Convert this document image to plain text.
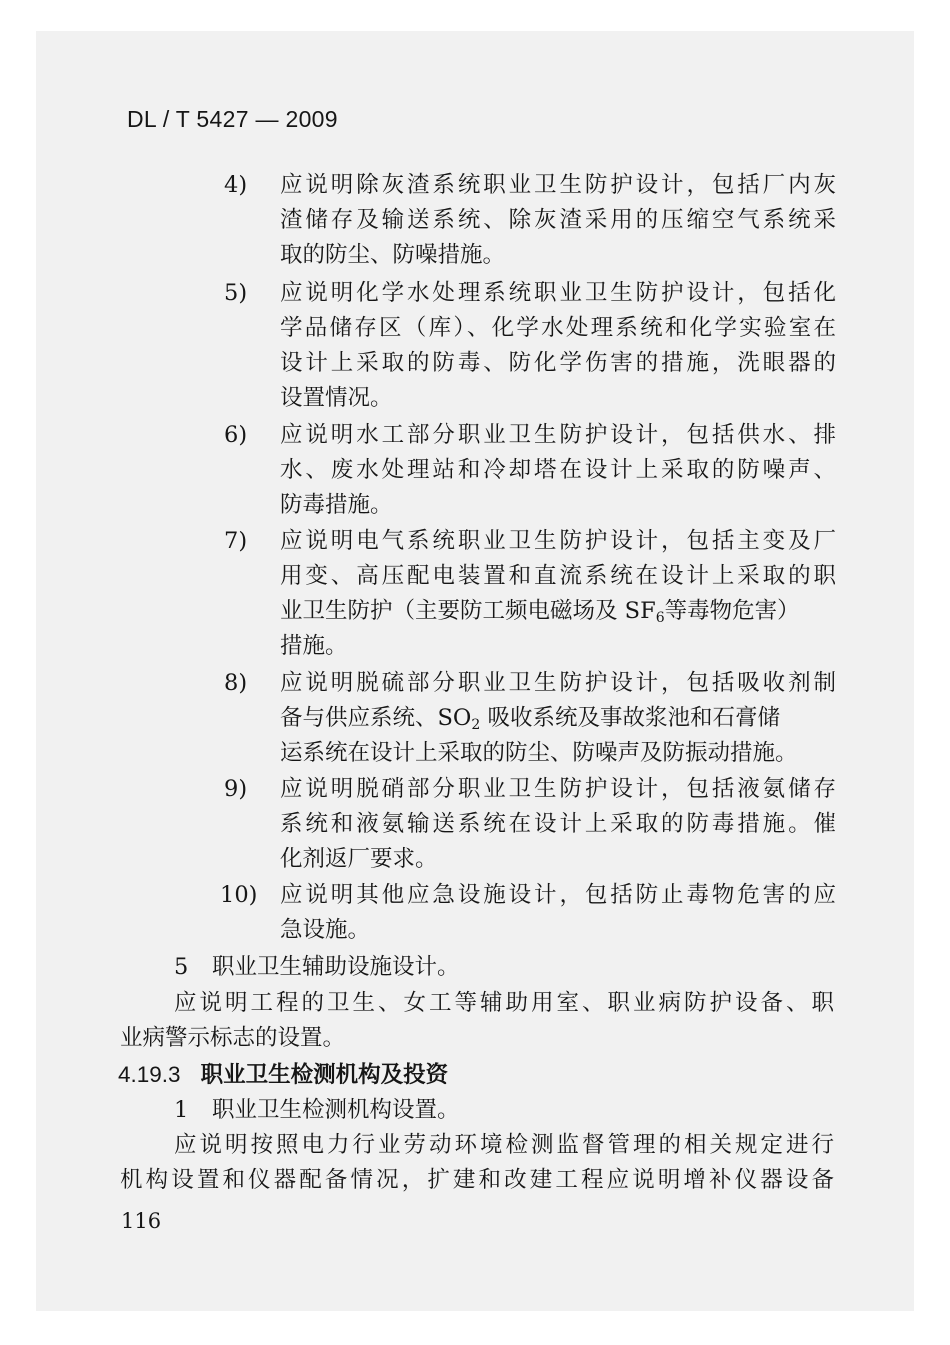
DL / T 5427 — 2009
4) 应说明除灰渣系统职业卫生防护设计，包括厂内灰
渣储存及输送系统、除灰渣采用的压缩空气系统采
取的防尘、防噪措施。
5) 应说明化学水处理系统职业卫生防护设计，包括化
学品储存区（库）、化学水处理系统和化学实验室在
设计上采取的防毒、防化学伤害的措施，洗眼器的
设置情况。
6) 应说明水工部分职业卫生防护设计，包括供水、排
水、废水处理站和冷却塔在设计上采取的防噪声、
防毒措施。
7) 应说明电气系统职业卫生防护设计，包括主变及厂
用变、高压配电装置和直流系统在设计上采取的职
业卫生防护（主要防工频电磁场及 $SF_6$等毒物危害）
措施。
8) 应说明脱硫部分职业卫生防护设计，包括吸收剂制
备与供应系统、$SO_2$ 吸收系统及事故浆池和石膏储
运系统在设计上采取的防尘、防噪声及防振动措施。
9) 应说明脱硝部分职业卫生防护设计，包括液氨储存
系统和液氨输送系统在设计上采取的防毒措施。催
化剂返厂要求。
10) 应说明其他应急设施设计，包括防止毒物危害的应
急设施。
5 职业卫生辅助设施设计。
应说明工程的卫生、女工等辅助用室、职业病防护设备、职
业病警示标志的设置。
4.19.3 职业卫生检测机构及投资
1 职业卫生检测机构设置。
应说明按照电力行业劳动环境检测监督管理的相关规定进行
机构设置和仪器配备情况，扩建和改建工程应说明增补仪器设备
116
